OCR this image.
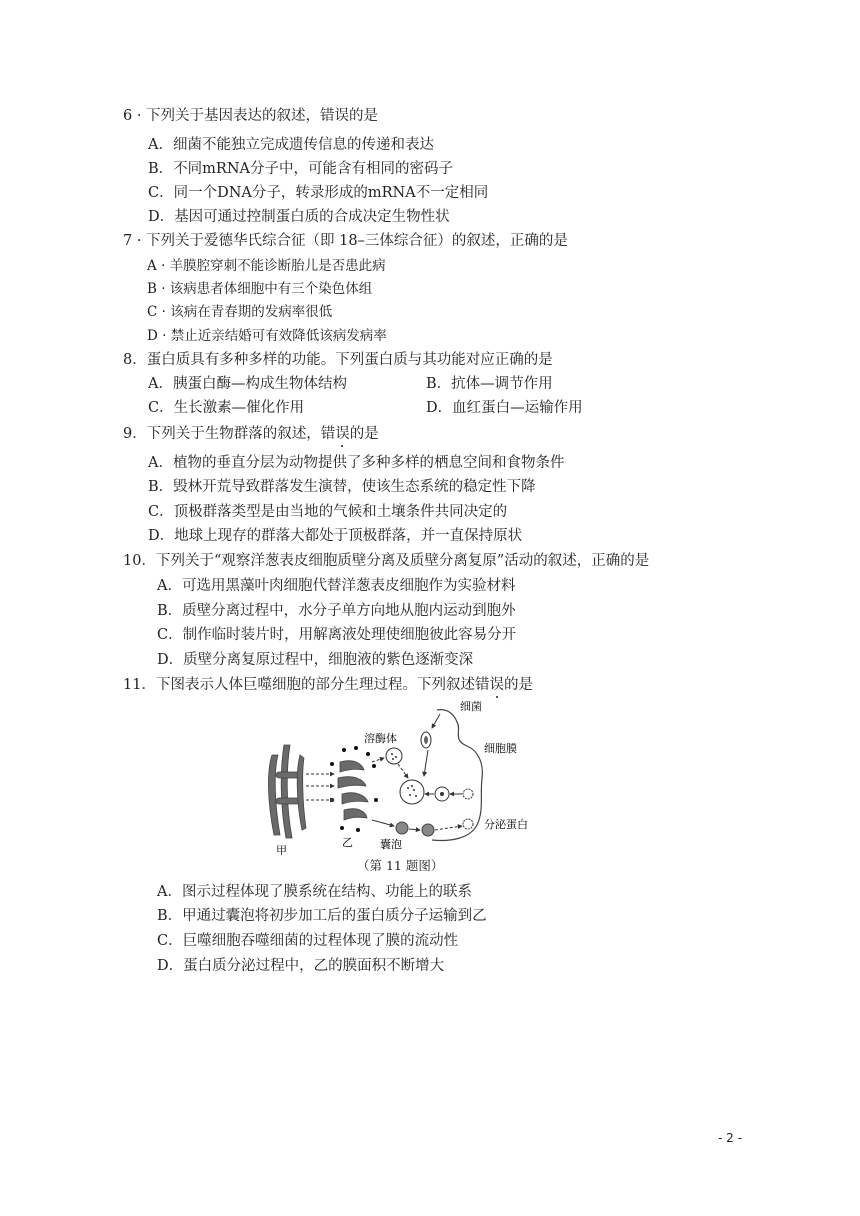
6 · 下列关于基因表达的叙述，错误的是
A．细菌不能独立完成遗传信息的传递和表达
B．不同mRNA分子中，可能含有相同的密码子
C．同一个DNA分子，转录形成的mRNA不一定相同
D．基因可通过控制蛋白质的合成决定生物性状
7 · 下列关于爱德华氏综合征（即 18–三体综合征）的叙述，正确的是
A · 羊膜腔穿刺不能诊断胎儿是否患此病
B · 该病患者体细胞中有三个染色体组
C · 该病在青春期的发病率很低
D · 禁止近亲结婚可有效降低该病发病率
8．蛋白质具有多种多样的功能。下列蛋白质与其功能对应正确的是
A．胰蛋白酶—构成生物体结构	B．抗体—调节作用
C．生长激素—催化作用	D．血红蛋白—运输作用
9．下列关于生物群落的叙述，错误的是
A．植物的垂直分层为动物提供了多种多样的栖息空间和食物条件
B．毁林开荒导致群落发生演替，使该生态系统的稳定性下降
C．顶极群落类型是由当地的气候和土壤条件共同决定的
D．地球上现存的群落大都处于顶极群落，并一直保持原状
10．下列关于“观察洋葱表皮细胞质壁分离及质壁分离复原”活动的叙述，正确的是
A．可选用黑藻叶肉细胞代替洋葱表皮细胞作为实验材料
B．质壁分离过程中，水分子单方向地从胞内运动到胞外
C．制作临时装片时，用解离液处理使细胞彼此容易分开
D．质壁分离复原过程中，细胞液的紫色逐渐变深
11．下图表示人体巨噬细胞的部分生理过程。下列叙述错误的是
溶酶体
细菌
细胞膜
分泌蛋白
囊泡
甲
乙
（第 11 题图）
A．图示过程体现了膜系统在结构、功能上的联系
B．甲通过囊泡将初步加工后的蛋白质分子运输到乙
C．巨噬细胞吞噬细菌的过程体现了膜的流动性
D．蛋白质分泌过程中，乙的膜面积不断增大
- 2 -
